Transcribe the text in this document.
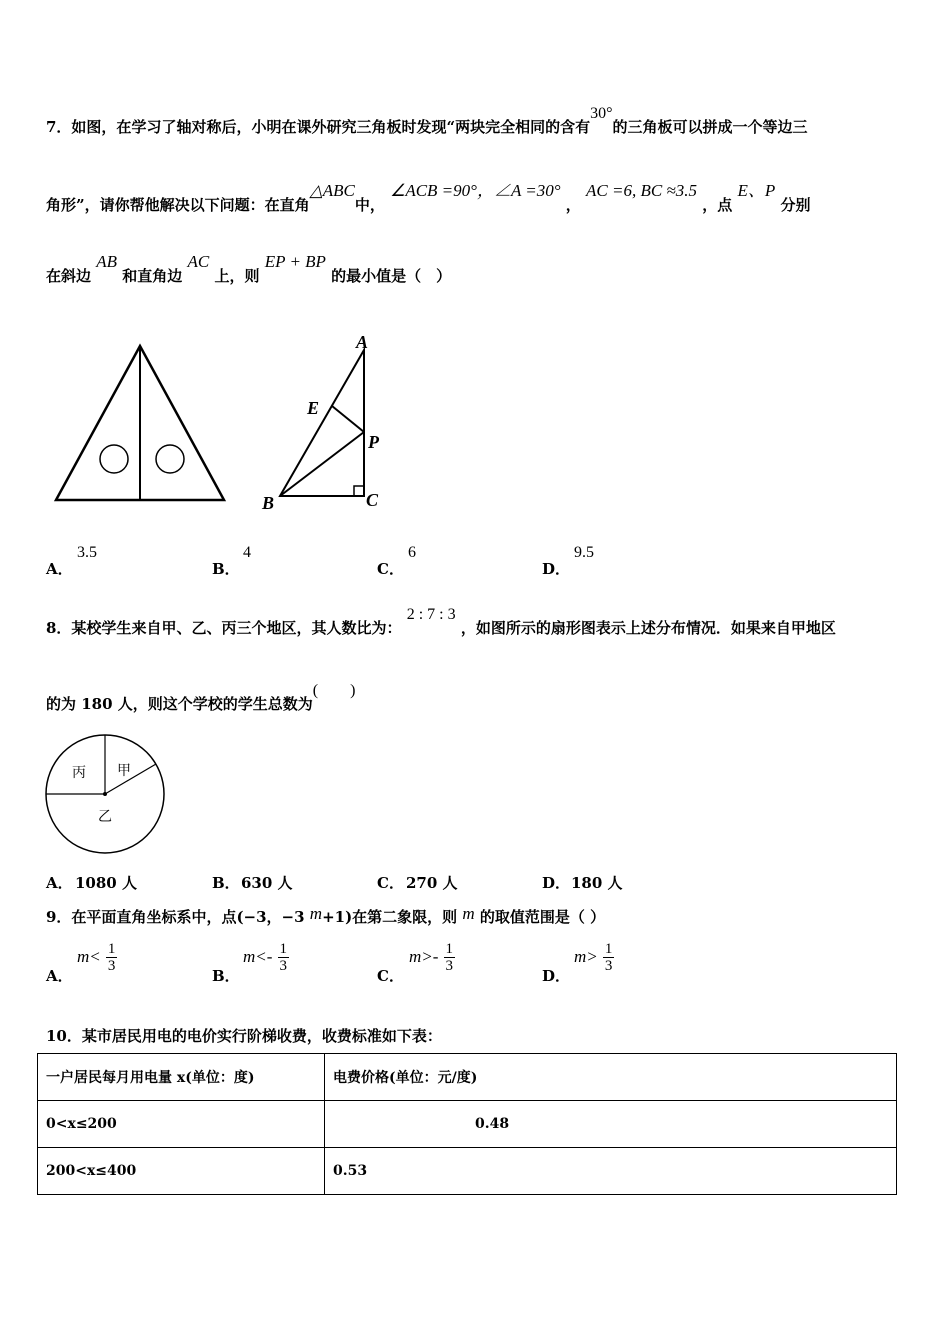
7．如图，在学习了轴对称后，小明在课外研究三角板时发现“两块完全相同的含有30°的三角板可以拼成一个等边三
角形”，请你帮他解决以下问题：在直角△ABC中， ∠ACB =90°，∠A =30° ， AC =6, BC ≈3.5 ，点 E、P 分别
在斜边 AB 和直角边 AC 上，则 EP + BP 的最小值是（　）
A
E
P
B	C
A．
3.5
B．
4
C．
6
D．
9.5
8．某校学生来自甲、乙、丙三个地区，其人数比为： 2 : 7 : 3 ，如图所示的扇形图表示上述分布情况．如果来自甲地区
的为 180 人，则这个学校的学生总数为(　　)
丙 甲
乙
A． 1080 人	B． 630 人	C． 270 人	D． 180 人
9．在平面直角坐标系中，点(−3，−3 m+1)在第二象限，则 m 的取值范围是（ ）
A．
$m< \frac{1}{3}$
B．
$m<- \frac{1}{3}$
C．
$m>- \frac{1}{3}$
D．
$m> \frac{1}{3}$
10．某市居民用电的电价实行阶梯收费，收费标准如下表：
一户居民每月用电量 x(单位：度)	电费价格(单位：元/度)
0<x≤200	0.48
200<x≤400	0.53
